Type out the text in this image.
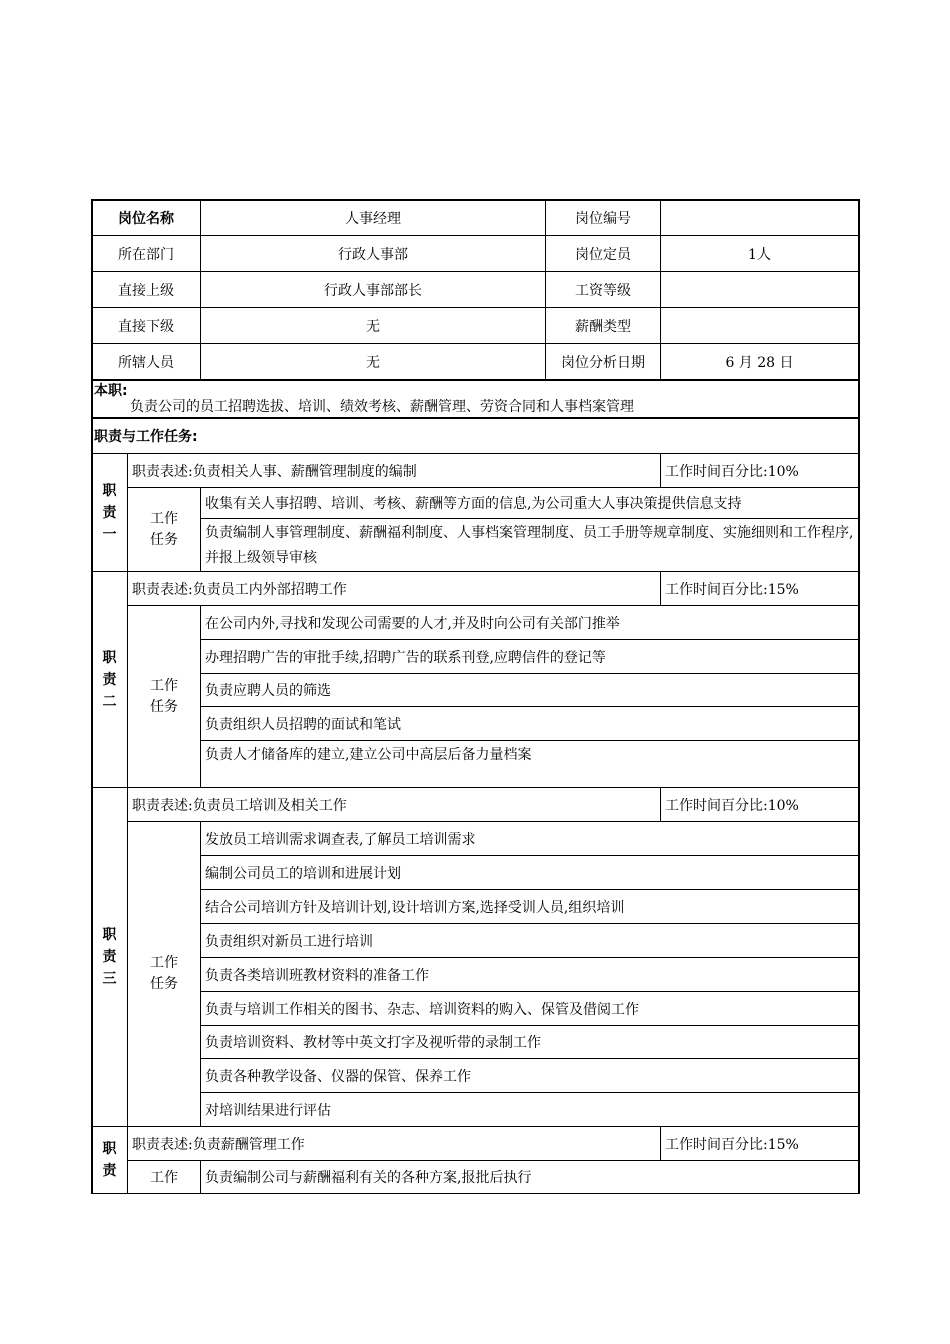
岗位名称	人事经理	岗位编号
所在部门	行政人事部	岗位定员	1人
直接上级	行政人事部部长	工资等级
直接下级	无	薪酬类型
所辖人员	无	岗位分析日期	6 月 28 日
本职:
负责公司的员工招聘选拔、培训、绩效考核、薪酬管理、劳资合同和人事档案管理
职责与工作任务:
职
责
一
职责表述:负责相关人事、薪酬管理制度的编制	工作时间百分比:10%
工作
任务
收集有关人事招聘、培训、考核、薪酬等方面的信息,为公司重大人事决策提供信息支持
负责编制人事管理制度、薪酬福利制度、人事档案管理制度、员工手册等规章制度、实施细则和工作程序,并报上级领导审核
职
责
二
职责表述:负责员工内外部招聘工作	工作时间百分比:15%
工作
任务
在公司内外,寻找和发现公司需要的人才,并及时向公司有关部门推举
办理招聘广告的审批手续,招聘广告的联系刊登,应聘信件的登记等
负责应聘人员的筛选
负责组织人员招聘的面试和笔试
负责人才储备库的建立,建立公司中高层后备力量档案
职
责
三
职责表述:负责员工培训及相关工作	工作时间百分比:10%
工作
任务
发放员工培训需求调查表,了解员工培训需求
编制公司员工的培训和进展计划
结合公司培训方针及培训计划,设计培训方案,选择受训人员,组织培训
负责组织对新员工进行培训
负责各类培训班教材资料的准备工作
负责与培训工作相关的图书、杂志、培训资料的购入、保管及借阅工作
负责培训资料、教材等中英文打字及视听带的录制工作
负责各种教学设备、仪器的保管、保养工作
对培训结果进行评估
职
责
职责表述:负责薪酬管理工作	工作时间百分比:15%
工作	负责编制公司与薪酬福利有关的各种方案,报批后执行
